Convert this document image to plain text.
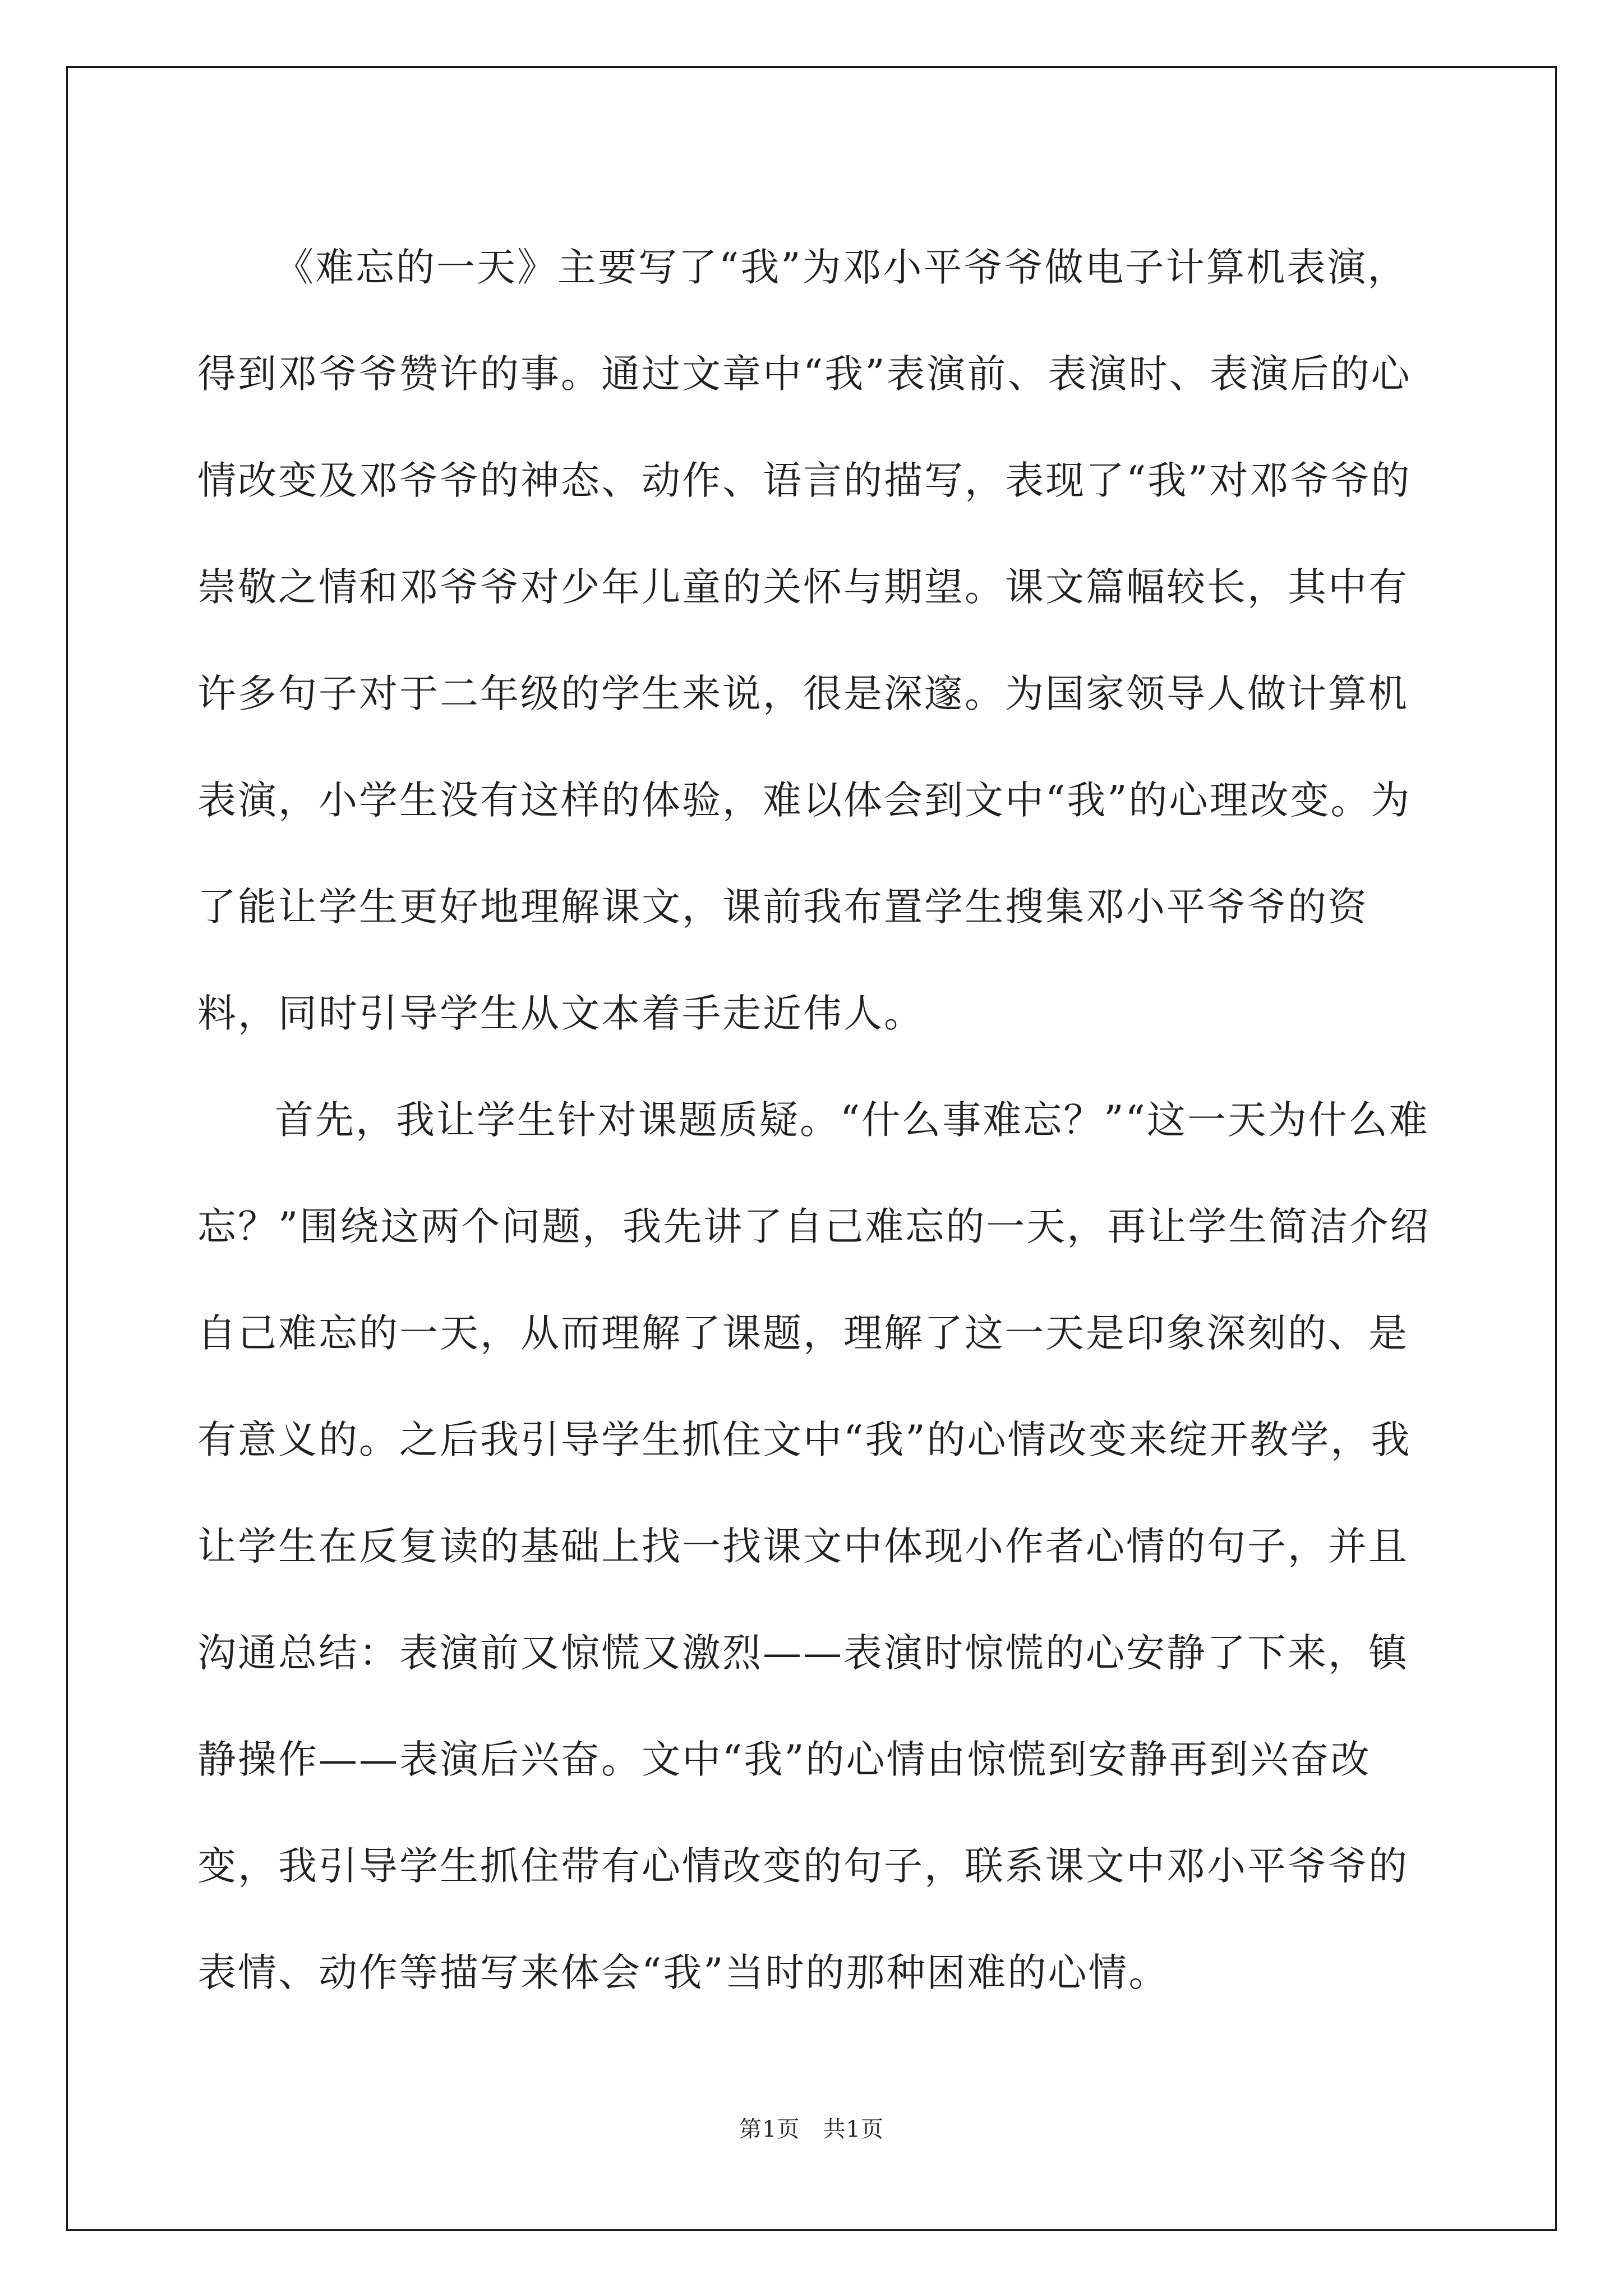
《难忘的一天》主要写了“我”为邓小平爷爷做电子计算机表演，得到邓爷爷赞许的事。通过文章中“我”表演前、表演时、表演后的心情改变及邓爷爷的神态、动作、语言的描写，表现了“我”对邓爷爷的崇敬之情和邓爷爷对少年儿童的关怀与期望。课文篇幅较长，其中有许多句子对于二年级的学生来说，很是深邃。为国家领导人做计算机表演，小学生没有这样的体验，难以体会到文中“我”的心理改变。为了能让学生更好地理解课文，课前我布置学生搜集邓小平爷爷的资料，同时引导学生从文本着手走近伟人。

首先，我让学生针对课题质疑。“什么事难忘？”“这一天为什么难忘？”围绕这两个问题，我先讲了自己难忘的一天，再让学生简洁介绍自己难忘的一天，从而理解了课题，理解了这一天是印象深刻的、是有意义的。之后我引导学生抓住文中“我”的心情改变来绽开教学，我让学生在反复读的基础上找一找课文中体现小作者心情的句子，并且沟通总结：表演前又惊慌又激烈——表演时惊慌的心安静了下来，镇静操作——表演后兴奋。文中“我”的心情由惊慌到安静再到兴奋改变，我引导学生抓住带有心情改变的句子，联系课文中邓小平爷爷的表情、动作等描写来体会“我”当时的那种困难的心情。

第1页　共1页
